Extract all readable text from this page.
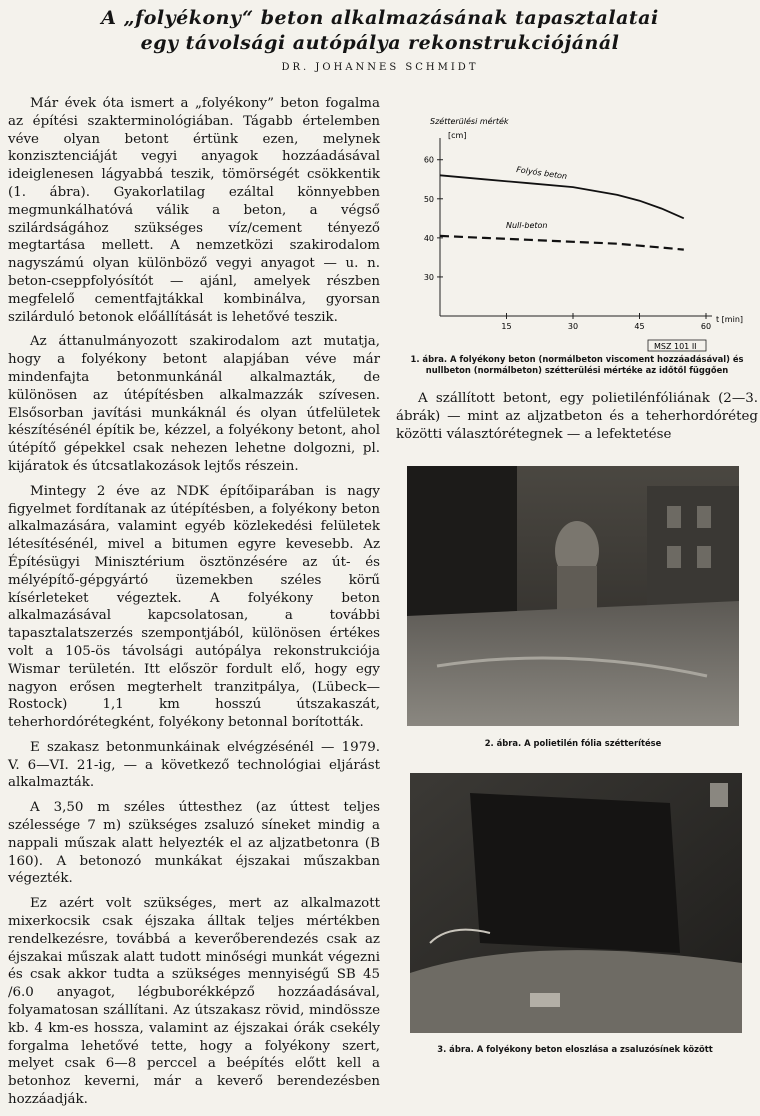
A „folyékony“ beton alkalmazásának tapasztalatai
egy távolsági autópálya rekonstrukciójánál
DR. JOHANNES SCHMIDT

Már évek óta ismert a „folyékony” beton fogalma az építési szakterminológiában. Tágabb értelemben véve olyan betont értünk ezen, melynek konzisztenciáját vegyi anyagok hozzáadásával ideiglenesen lágyabbá teszik, tömörségét csökkentik (1. ábra). Gyakorlatilag ezáltal könnyebben megmunkálhatóvá válik a beton, a végső szilárdságához szükséges víz/cement tényező megtartása mellett. A nemzetközi szakirodalom nagyszámú olyan különböző vegyi anyagot — u. n. beton-cseppfolyósítót — ajánl, amelyek részben megfelelő cementfajtákkal kombinálva, gyorsan szilárduló betonok előállítását is lehetővé teszik.

Az áttanulmányozott szakirodalom azt mutatja, hogy a folyékony betont alapjában véve már mindenfajta betonmunkánál alkalmazták, de különösen az útépítésben alkalmazzák szívesen. Elsősorban javítási munkáknál és olyan útfelületek készítésénél építik be, kézzel, a folyékony betont, ahol útépítő gépekkel csak nehezen lehetne dolgozni, pl. kijáratok és útcsatlakozások lejtős részein.

Mintegy 2 éve az NDK építőiparában is nagy figyelmet fordítanak az útépítésben, a folyékony beton alkalmazására, valamint egyéb közlekedési felületek létesítésénél, mivel a bitumen egyre kevesebb. Az Építésügyi Minisztérium ösztönzésére az út- és mélyépítő-gépgyártó üzemekben széles körű kísérleteket végeztek. A folyékony beton alkalmazásával kapcsolatosan, a további tapasztalatszerzés szempontjából, különösen értékes volt a 105-ös távolsági autópálya rekonstrukciója Wismar területén. Itt először fordult elő, hogy egy nagyon erősen megterhelt tranzitpálya, (Lübeck—Rostock) 1,1 km hosszú útszakaszát, teherhordórétegként, folyékony betonnal borították.

E szakasz betonmunkáinak elvégzésénél — 1979. V. 6—VI. 21-ig, — a következő technológiai eljárást alkalmazták.

A 3,50 m széles úttesthez (az úttest teljes szélessége 7 m) szükséges zsaluzó síneket mindig a nappali műszak alatt helyezték el az aljzatbetonra (B 160). A betonozó munkákat éjszakai műszakban végezték.

Ez azért volt szükséges, mert az alkalmazott mixerkocsik csak éjszaka álltak teljes mértékben rendelkezésre, továbbá a keverőberendezés csak az éjszakai műszak alatt tudott minőségi munkát végezni és csak akkor tudta a szükséges mennyiségű SB 45 /6.0 anyagot, légbuborékképző hozzáadásával, folyamatosan szállítani. Az útszakasz rövid, mindössze kb. 4 km-es hossza, valamint az éjszakai órák csekély forgalma lehetővé tette, hogy a folyékony szert, melyet csak 6—8 perccel a beépítés előtt kell a betonhoz keverni, már a keverő berendezésben hozzáadják.

60
50
40
30
15	30	45	60
Szétterülési mérték
[cm]
t [min]
Folyós beton
Null-beton
MSZ 101 II
1. ábra. A folyékony beton (normálbeton viscoment hozzáadásával) és nullbeton (normálbeton) szétterülési mértéke az időtől függően
A szállított betont, egy polietilénfóliának (2—3. ábrák) — mint az aljzatbeton és a teherhordóréteg közötti választórétegnek — a lefektetése
2. ábra. A polietilén fólia szétterítése
3. ábra. A folyékony beton eloszlása a zsaluzósínek között
